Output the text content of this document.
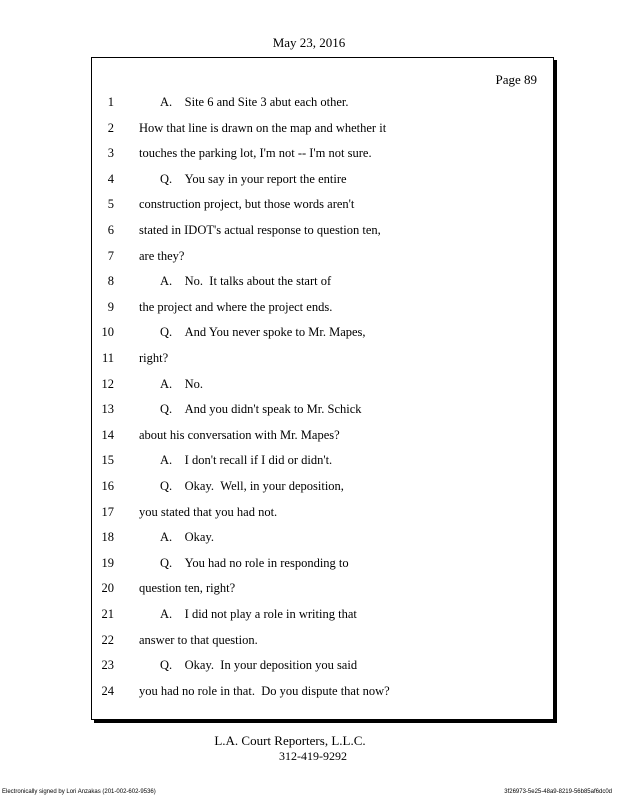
May 23, 2016
Page 89
1	A.    Site 6 and Site 3 abut each other.
2 How that line is drawn on the map and whether it
3 touches the parking lot, I'm not -- I'm not sure.
4	Q.    You say in your report the entire
5 construction project, but those words aren't
6 stated in IDOT's actual response to question ten,
7 are they?
8	A.    No.  It talks about the start of
9 the project and where the project ends.
10	Q.    And You never spoke to Mr. Mapes,
11 right?
12	A.    No.
13	Q.    And you didn't speak to Mr. Schick
14 about his conversation with Mr. Mapes?
15	A.    I don't recall if I did or didn't.
16	Q.    Okay.  Well, in your deposition,
17 you stated that you had not.
18	A.    Okay.
19	Q.    You had no role in responding to
20 question ten, right?
21	A.    I did not play a role in writing that
22 answer to that question.
23	Q.    Okay.  In your deposition you said
24 you had no role in that.  Do you dispute that now?
L.A. Court Reporters, L.L.C.
312-419-9292
Electronically signed by Lori Anzakas (201-002-602-9536)	3f26973-5e25-48a9-8219-56b85af6dc0d
